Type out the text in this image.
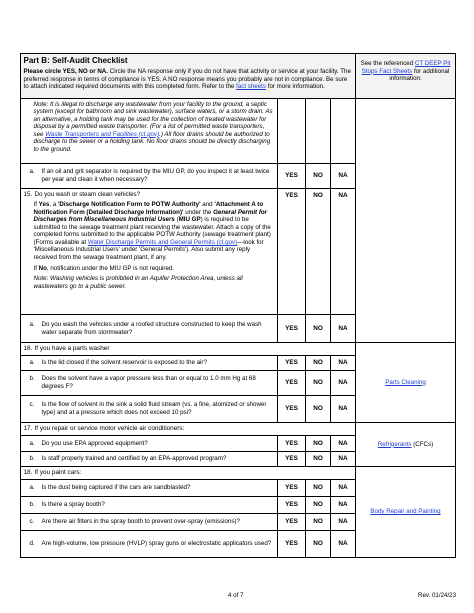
Part B: Self-Audit Checklist
Please circle YES, NO or NA. Circle the NA response only if you do not have that activity or service at your facility. The preferred response in terms of compliance is YES. A NO response means you probably are not in compliance. Be sure to attach indicated required documents with this completed form. Refer to the fact sheets for more information.				See the referenced CT DEEP Pit Stops Fact Sheets for additional information:

Note: It is illegal to discharge any wastewater from your facility to the ground, a septic system (except for bathroom and sink wastewater), surface waters, or a storm drain. As an alternative, a holding tank may be used for the collection of treated wastewater for disposal by a permitted waste transporter. (For a list of permitted waste transporters, see Waste Transporters and Facilities (ct.gov).) All floor drains should be authorized to discharge to the sewer or a holding tank. No floor drains should be directly discharging to the ground.				

a. If an oil and grit separator is required by the MIU GP, do you inspect it at least twice per year and clean it when necessary?	YES	NO	NA	

15. Do you wash or steam clean vehicles?
If Yes, a 'Discharge Notification Form to POTW Authority' and 'Attachment A to Notification Form (Detailed Discharge Information)' under the General Permit for Discharges from Miscellaneous Industrial Users (MIU GP) is required to be submitted to the sewage treatment plant receiving the wastewater. Attach a copy of the completed forms submitted to the applicable POTW Authority (sewage treatment plant) (Forms available at Water Discharge Permits and General Permits (ct.gov)—look for 'Miscellaneous Industrial Users' under 'General Permits'). Also submit any reply received from the sewage treatment plant, if any.
If No, notification under the MIU GP is not required.
Note: Washing vehicles is prohibited in an Aquifer Protection Area, unless all wastewaters go to a public sewer.	YES	NO	NA	

a. Do you wash the vehicles under a roofed structure constructed to keep the wash water separate from stormwater?	YES	NO	NA	
16. If you have a parts washer				Parts Cleaning

a. Is the lid closed if the solvent reservoir is exposed to the air?	YES	NO	NA	

b. Does the solvent have a vapor pressure less than or equal to 1.0 mm Hg at 68 degrees F?	YES	NO	NA	

c. Is the flow of solvent in the sink a solid fluid stream (vs. a fine, atomized or shower type) and at a pressure which does not exceed 10 psi?	YES	NO	NA	
17. If you repair or service motor vehicle air conditioners:				Refrigerants (CFCs)

a. Do you use EPA approved equipment?	YES	NO	NA	

b. Is staff properly trained and certified by an EPA-approved program?	YES	NO	NA	
18. If you paint cars:				Body Repair and Painting

a. Is the dust being captured if the cars are sandblasted?	YES	NO	NA	

b. Is there a spray booth?	YES	NO	NA	

c. Are there air filters in the spray booth to prevent over-spray (emissions)?	YES	NO	NA	

d. Are high-volume, low pressure (HVLP) spray guns or electrostatic applicators used?	YES	NO	NA	
4 of 7	Rev. 01/24/23
